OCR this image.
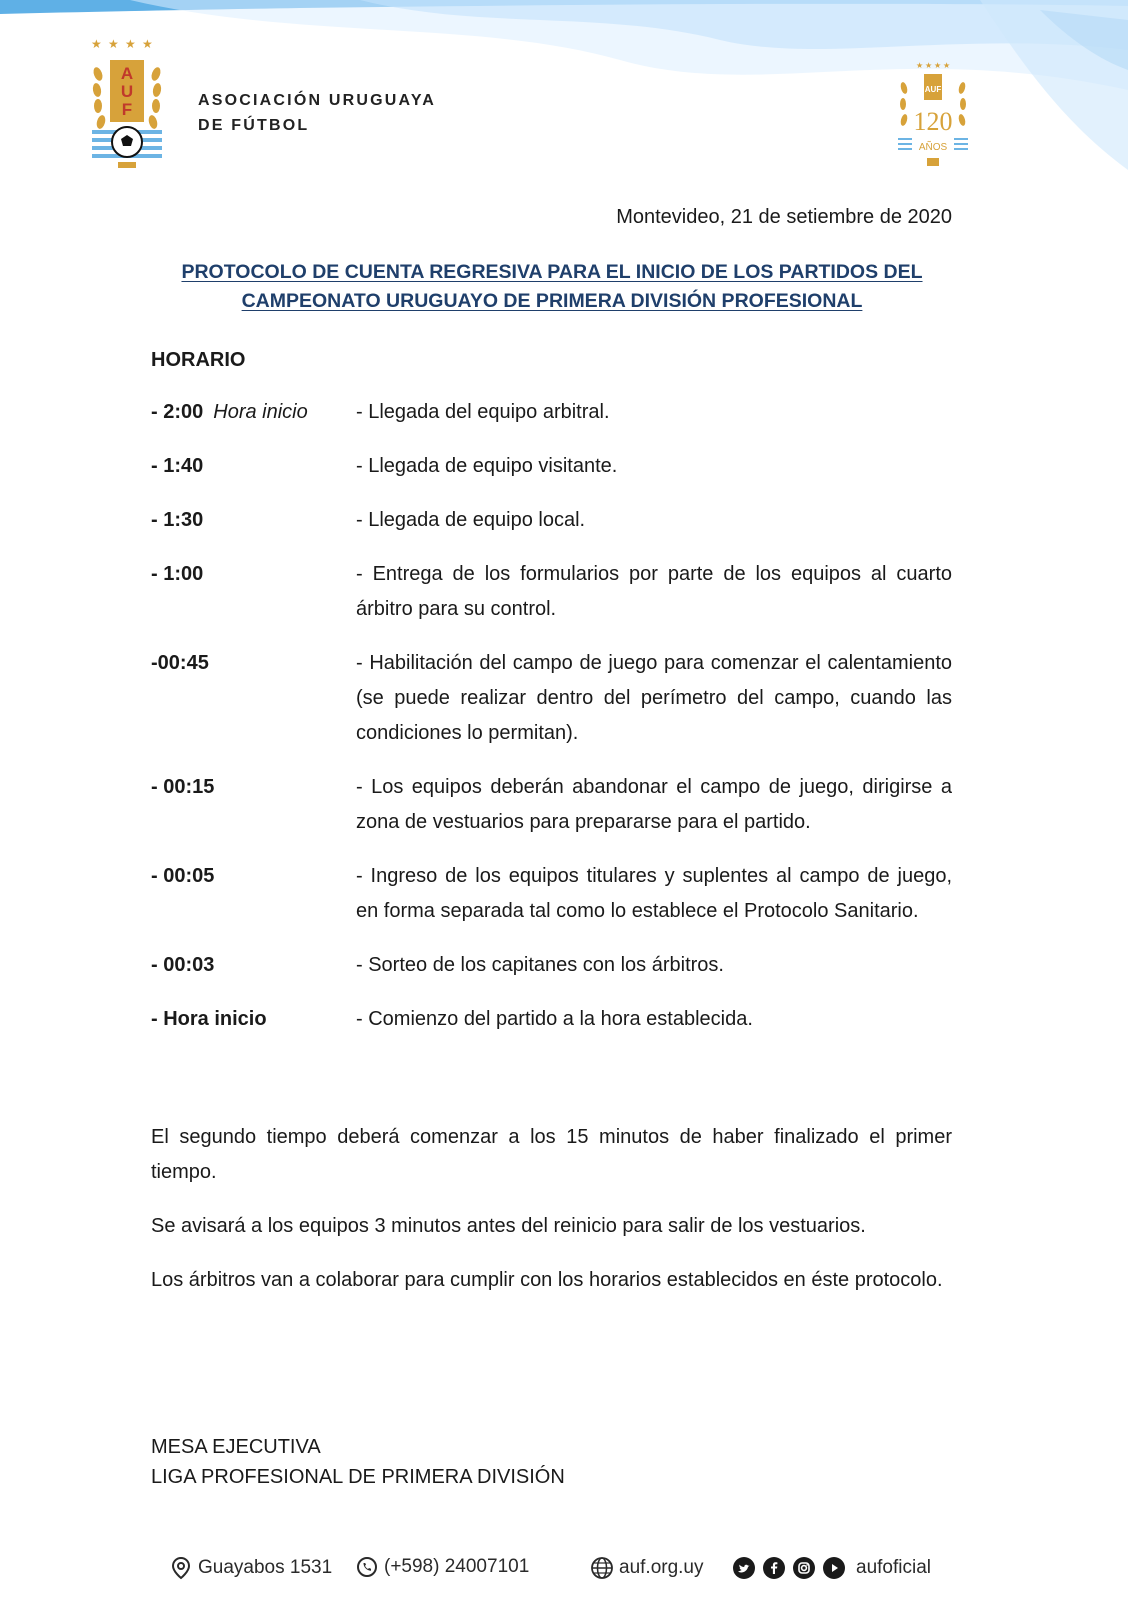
★ ★ ★ ★
A
U
F	ASOCIACIÓN URUGUAYA
DE FÚTBOL
★ ★ ★ ★
AUF
120
AÑOS
Montevideo, 21 de setiembre de 2020
PROTOCOLO DE CUENTA REGRESIVA PARA EL INICIO DE LOS PARTIDOS DEL
CAMPEONATO URUGUAYO DE PRIMERA DIVISIÓN PROFESIONAL
HORARIO
- 2:00 Hora inicio	- Llegada del equipo arbitral.
- 1:40	- Llegada de equipo visitante.
- 1:30	- Llegada de equipo local.
- 1:00	- Entrega de los formularios por parte de los equipos al cuarto árbitro para su control.
-00:45	- Habilitación del campo de juego para comenzar el calentamiento (se puede realizar dentro del perímetro del campo, cuando las condiciones lo permitan).
- 00:15	- Los equipos deberán abandonar el campo de juego, dirigirse a zona de vestuarios para prepararse para el partido.
- 00:05	- Ingreso de los equipos titulares y suplentes al campo de juego, en forma separada tal como lo establece el Protocolo Sanitario.
- 00:03	- Sorteo de los capitanes con los árbitros.
- Hora inicio	- Comienzo del partido a la hora establecida.

El segundo tiempo deberá comenzar a los 15 minutos de haber finalizado el primer tiempo.

Se avisará a los equipos 3 minutos antes del reinicio para salir de los vestuarios.

Los árbitros van a colaborar para cumplir con los horarios establecidos en éste protocolo.

MESA EJECUTIVA
LIGA PROFESIONAL DE PRIMERA DIVISIÓN
Guayabos 1531	(+598) 24007101	auf.org.uy	aufoficial
